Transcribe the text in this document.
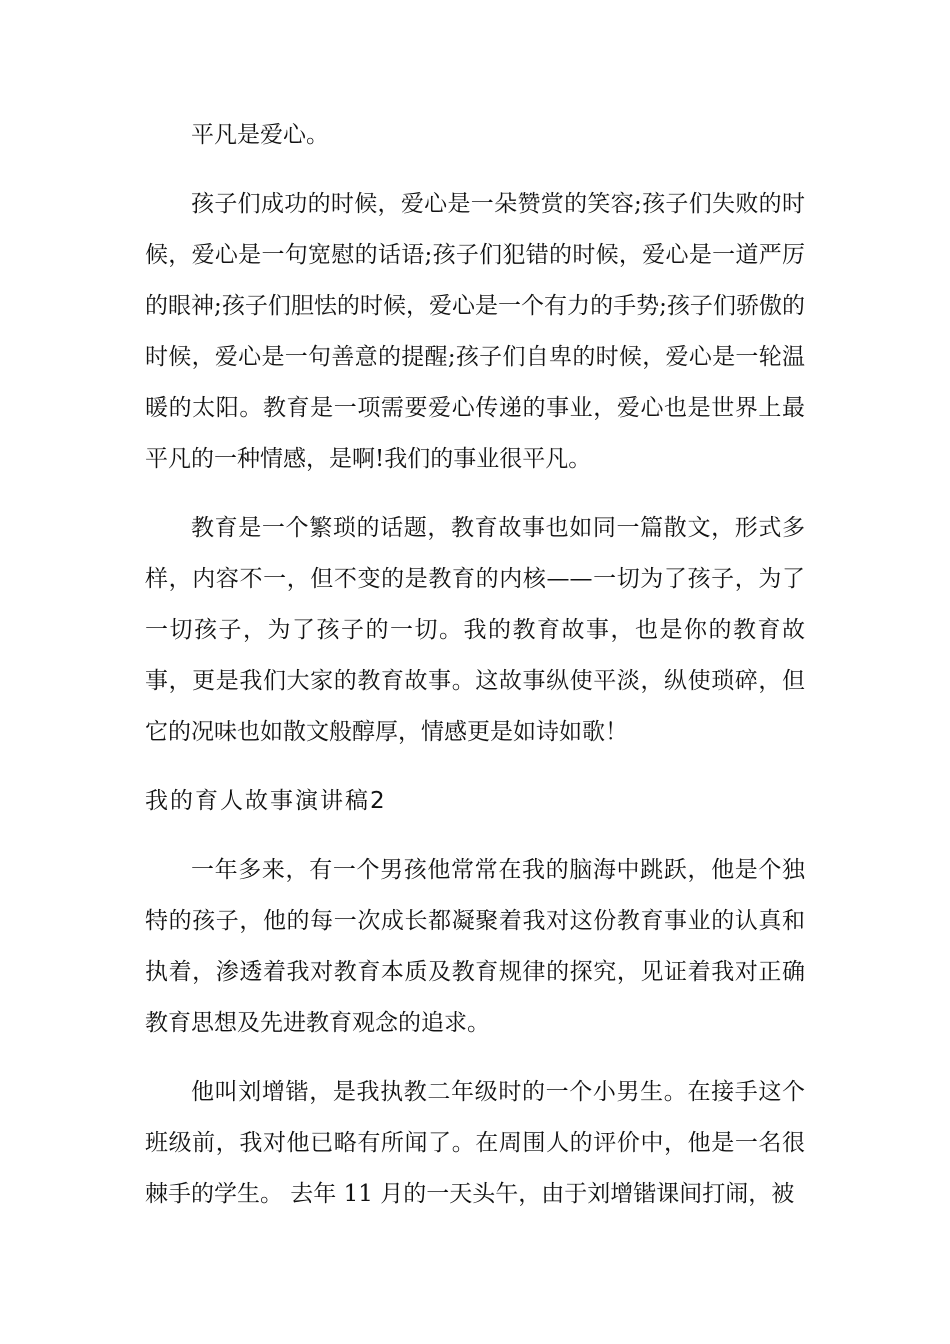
平凡是爱心。

孩子们成功的时候，爱心是一朵赞赏的笑容;孩子们失败的时候，爱心是一句宽慰的话语;孩子们犯错的时候，爱心是一道严厉的眼神;孩子们胆怯的时候，爱心是一个有力的手势;孩子们骄傲的时候，爱心是一句善意的提醒;孩子们自卑的时候，爱心是一轮温暖的太阳。教育是一项需要爱心传递的事业，爱心也是世界上最平凡的一种情感，是啊!我们的事业很平凡。

教育是一个繁琐的话题，教育故事也如同一篇散文，形式多样，内容不一，但不变的是教育的内核——一切为了孩子，为了一切孩子，为了孩子的一切。我的教育故事，也是你的教育故事，更是我们大家的教育故事。这故事纵使平淡，纵使琐碎，但它的况味也如散文般醇厚，情感更是如诗如歌！

我的育人故事演讲稿2

一年多来，有一个男孩他常常在我的脑海中跳跃，他是个独特的孩子，他的每一次成长都凝聚着我对这份教育事业的认真和执着，渗透着我对教育本质及教育规律的探究，见证着我对正确教育思想及先进教育观念的追求。

他叫刘增锴，是我执教二年级时的一个小男生。在接手这个班级前，我对他已略有所闻了。在周围人的评价中，他是一名很棘手的学生。 去年 11 月的一天头午，由于刘增锴课间打闹，被
